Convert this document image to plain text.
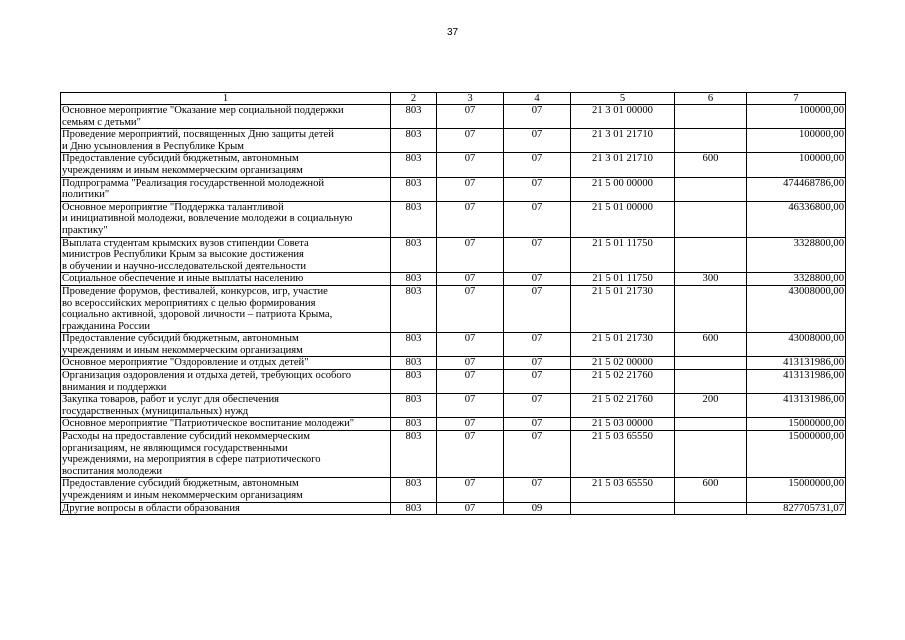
37
1	2	3	4	5	6	7
Основное мероприятие "Оказание мер социальной поддержки
семьям с детьми"	803	07	07	21 3 01 00000		100000,00
Проведение мероприятий, посвященных Дню защиты детей
и Дню усыновления в Республике Крым	803	07	07	21 3 01 21710		100000,00
Предоставление субсидий бюджетным, автономным
учреждениям и иным некоммерческим организациям	803	07	07	21 3 01 21710	600	100000,00
Подпрограмма "Реализация государственной молодежной
политики"	803	07	07	21 5 00 00000		474468786,00
Основное мероприятие "Поддержка талантливой
и инициативной молодежи, вовлечение молодежи в социальную
практику"	803	07	07	21 5 01 00000		46336800,00
Выплата студентам крымских вузов стипендии Совета
министров Республики Крым за высокие достижения
в обучении и научно-исследовательской деятельности	803	07	07	21 5 01 11750		3328800,00
Социальное обеспечение и иные выплаты населению	803	07	07	21 5 01 11750	300	3328800,00
Проведение форумов, фестивалей, конкурсов, игр, участие
во всероссийских мероприятиях с целью формирования
социально активной, здоровой личности – патриота Крыма,
гражданина России	803	07	07	21 5 01 21730		43008000,00
Предоставление субсидий бюджетным, автономным
учреждениям и иным некоммерческим организациям	803	07	07	21 5 01 21730	600	43008000,00
Основное мероприятие "Оздоровление и отдых детей"	803	07	07	21 5 02 00000		413131986,00
Организация оздоровления и отдыха детей, требующих особого
внимания и поддержки	803	07	07	21 5 02 21760		413131986,00
Закупка товаров, работ и услуг для обеспечения
государственных (муниципальных) нужд	803	07	07	21 5 02 21760	200	413131986,00
Основное мероприятие "Патриотическое воспитание молодежи"	803	07	07	21 5 03 00000		15000000,00
Расходы на предоставление субсидий некоммерческим
организациям, не являющимся государственными
учреждениями, на мероприятия в сфере патриотического
воспитания молодежи	803	07	07	21 5 03 65550		15000000,00
Предоставление субсидий бюджетным, автономным
учреждениям и иным некоммерческим организациям	803	07	07	21 5 03 65550	600	15000000,00
Другие вопросы в области образования	803	07	09			827705731,07
